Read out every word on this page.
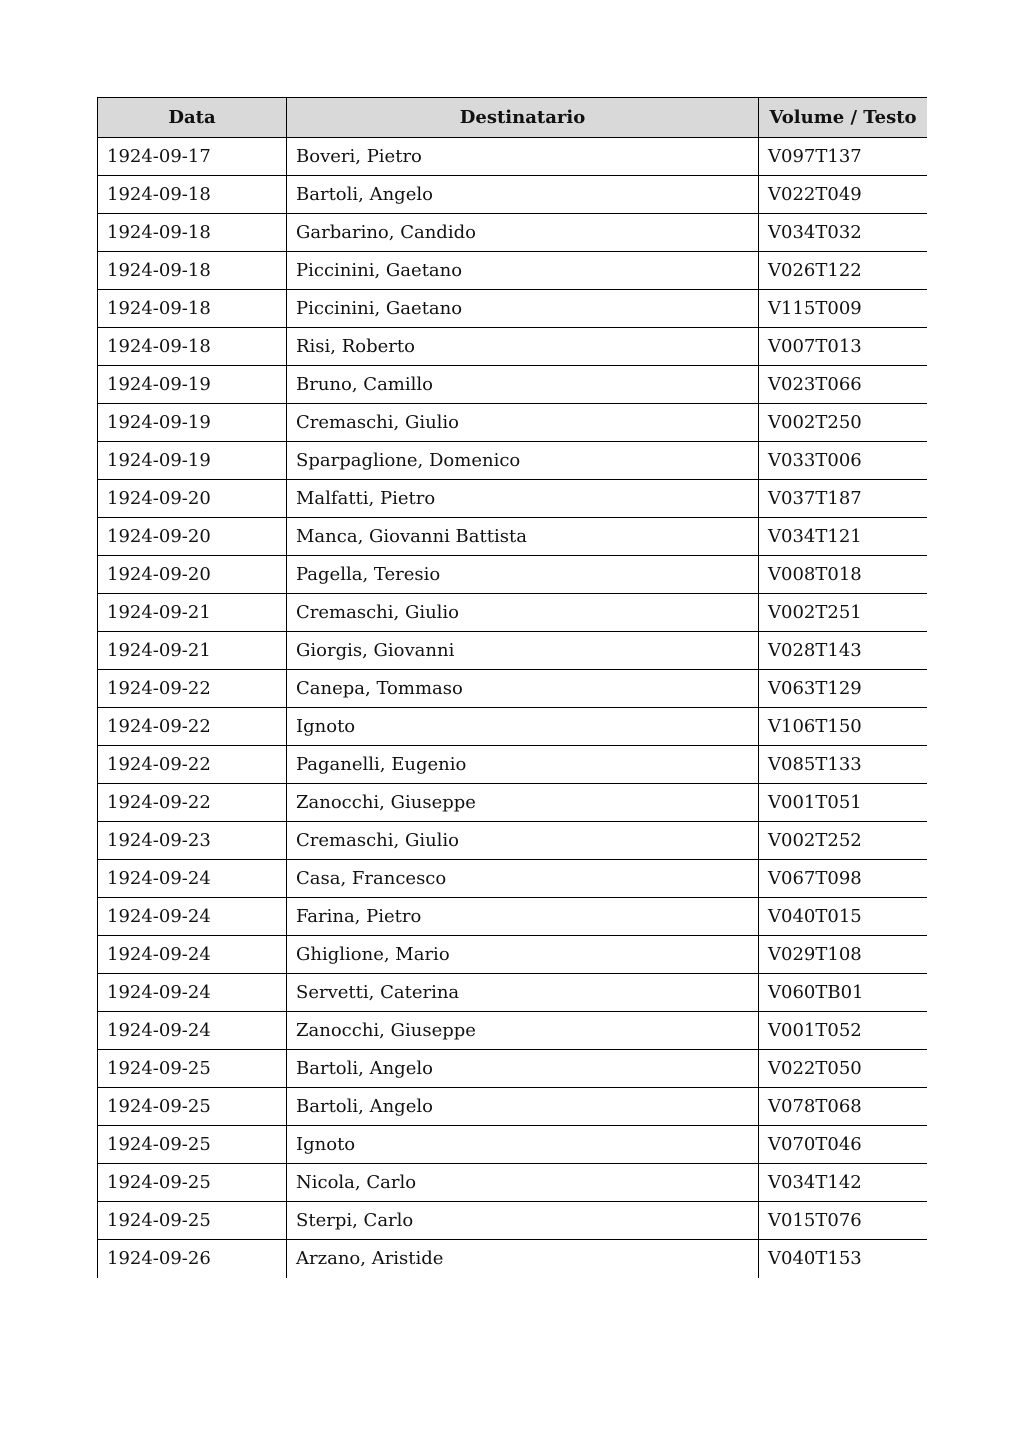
Data	Destinatario	Volume / Testo
1924-09-17	Boveri, Pietro	V097T137
1924-09-18	Bartoli, Angelo	V022T049
1924-09-18	Garbarino, Candido	V034T032
1924-09-18	Piccinini, Gaetano	V026T122
1924-09-18	Piccinini, Gaetano	V115T009
1924-09-18	Risi, Roberto	V007T013
1924-09-19	Bruno, Camillo	V023T066
1924-09-19	Cremaschi, Giulio	V002T250
1924-09-19	Sparpaglione, Domenico	V033T006
1924-09-20	Malfatti, Pietro	V037T187
1924-09-20	Manca, Giovanni Battista	V034T121
1924-09-20	Pagella, Teresio	V008T018
1924-09-21	Cremaschi, Giulio	V002T251
1924-09-21	Giorgis, Giovanni	V028T143
1924-09-22	Canepa, Tommaso	V063T129
1924-09-22	Ignoto	V106T150
1924-09-22	Paganelli, Eugenio	V085T133
1924-09-22	Zanocchi, Giuseppe	V001T051
1924-09-23	Cremaschi, Giulio	V002T252
1924-09-24	Casa, Francesco	V067T098
1924-09-24	Farina, Pietro	V040T015
1924-09-24	Ghiglione, Mario	V029T108
1924-09-24	Servetti, Caterina	V060TB01
1924-09-24	Zanocchi, Giuseppe	V001T052
1924-09-25	Bartoli, Angelo	V022T050
1924-09-25	Bartoli, Angelo	V078T068
1924-09-25	Ignoto	V070T046
1924-09-25	Nicola, Carlo	V034T142
1924-09-25	Sterpi, Carlo	V015T076
1924-09-26	Arzano, Aristide	V040T153
